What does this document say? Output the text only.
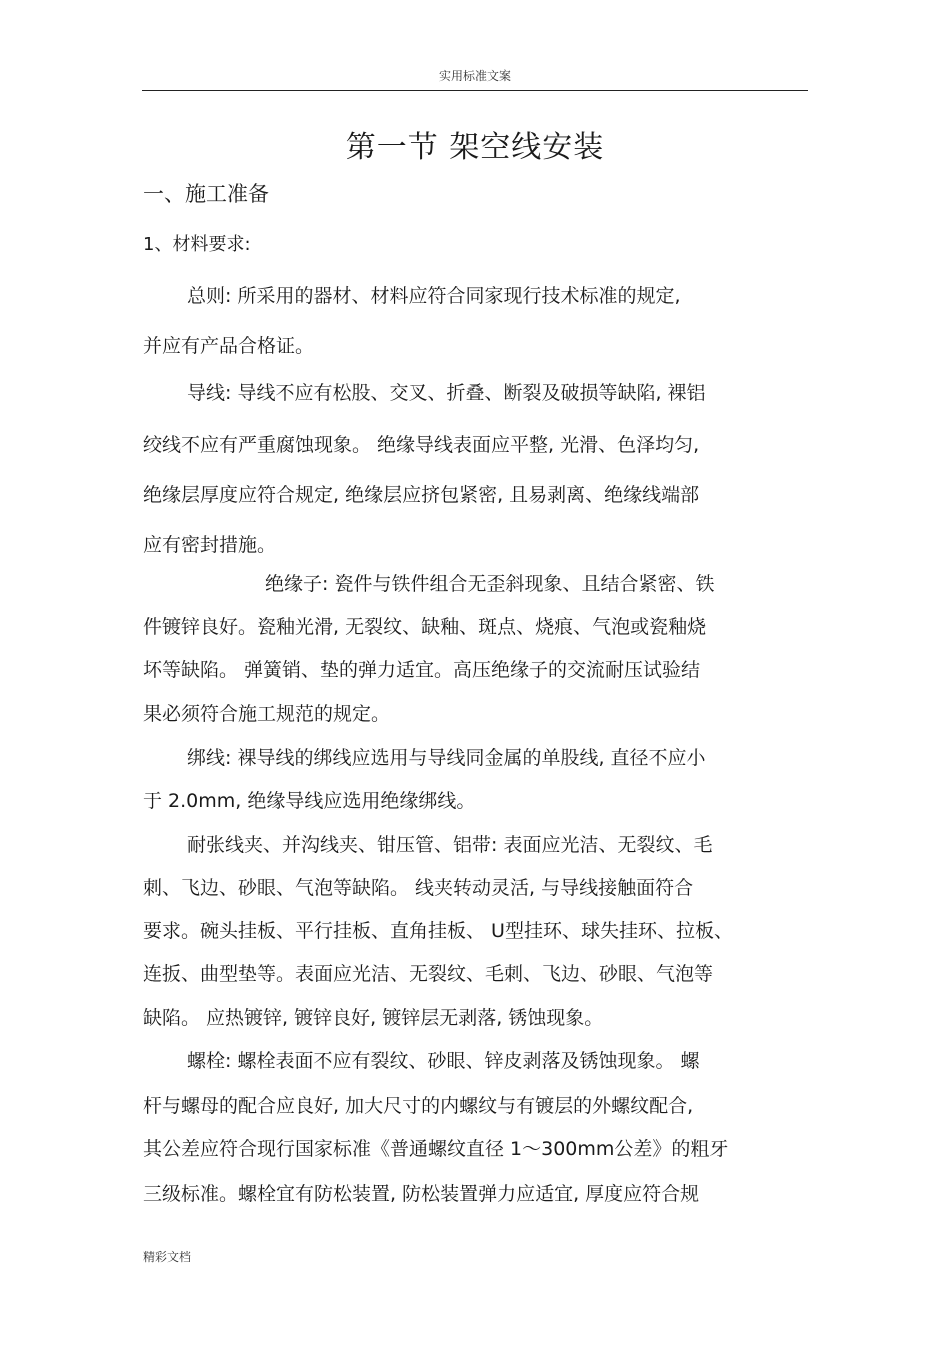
实用标准文案
第一节 架空线安装
一、施工准备
1、材料要求:
总则: 所采用的器材、材料应符合同家现行技术标准的规定,
并应有产品合格证。
导线: 导线不应有松股、交叉、折叠、断裂及破损等缺陷, 裸铝
绞线不应有严重腐蚀现象。 绝缘导线表面应平整, 光滑、色泽均匀,
绝缘层厚度应符合规定, 绝缘层应挤包紧密, 且易剥离、绝缘线端部
应有密封措施。
绝缘子: 瓷件与铁件组合无歪斜现象、且结合紧密、铁
件镀锌良好。瓷釉光滑, 无裂纹、缺釉、斑点、烧痕、气泡或瓷釉烧
坏等缺陷。 弹簧销、垫的弹力适宜。高压绝缘子的交流耐压试验结
果必须符合施工规范的规定。
绑线: 裸导线的绑线应选用与导线同金属的单股线, 直径不应小
于 2.0mm, 绝缘导线应选用绝缘绑线。
耐张线夹、并沟线夹、钳压管、铝带: 表面应光洁、无裂纹、毛
刺、飞边、砂眼、气泡等缺陷。 线夹转动灵活, 与导线接触面符合
要求。碗头挂板、平行挂板、直角挂板、 U型挂环、球失挂环、拉板、
连扳、曲型垫等。表面应光洁、无裂纹、毛刺、飞边、砂眼、气泡等
缺陷。 应热镀锌, 镀锌良好, 镀锌层无剥落, 锈蚀现象。
螺栓: 螺栓表面不应有裂纹、砂眼、锌皮剥落及锈蚀现象。 螺
杆与螺母的配合应良好, 加大尺寸的内螺纹与有镀层的外螺纹配合,
其公差应符合现行国家标准《普通螺纹直径 1～300mm公差》的粗牙
三级标准。螺栓宜有防松装置, 防松装置弹力应适宜, 厚度应符合规
精彩文档
